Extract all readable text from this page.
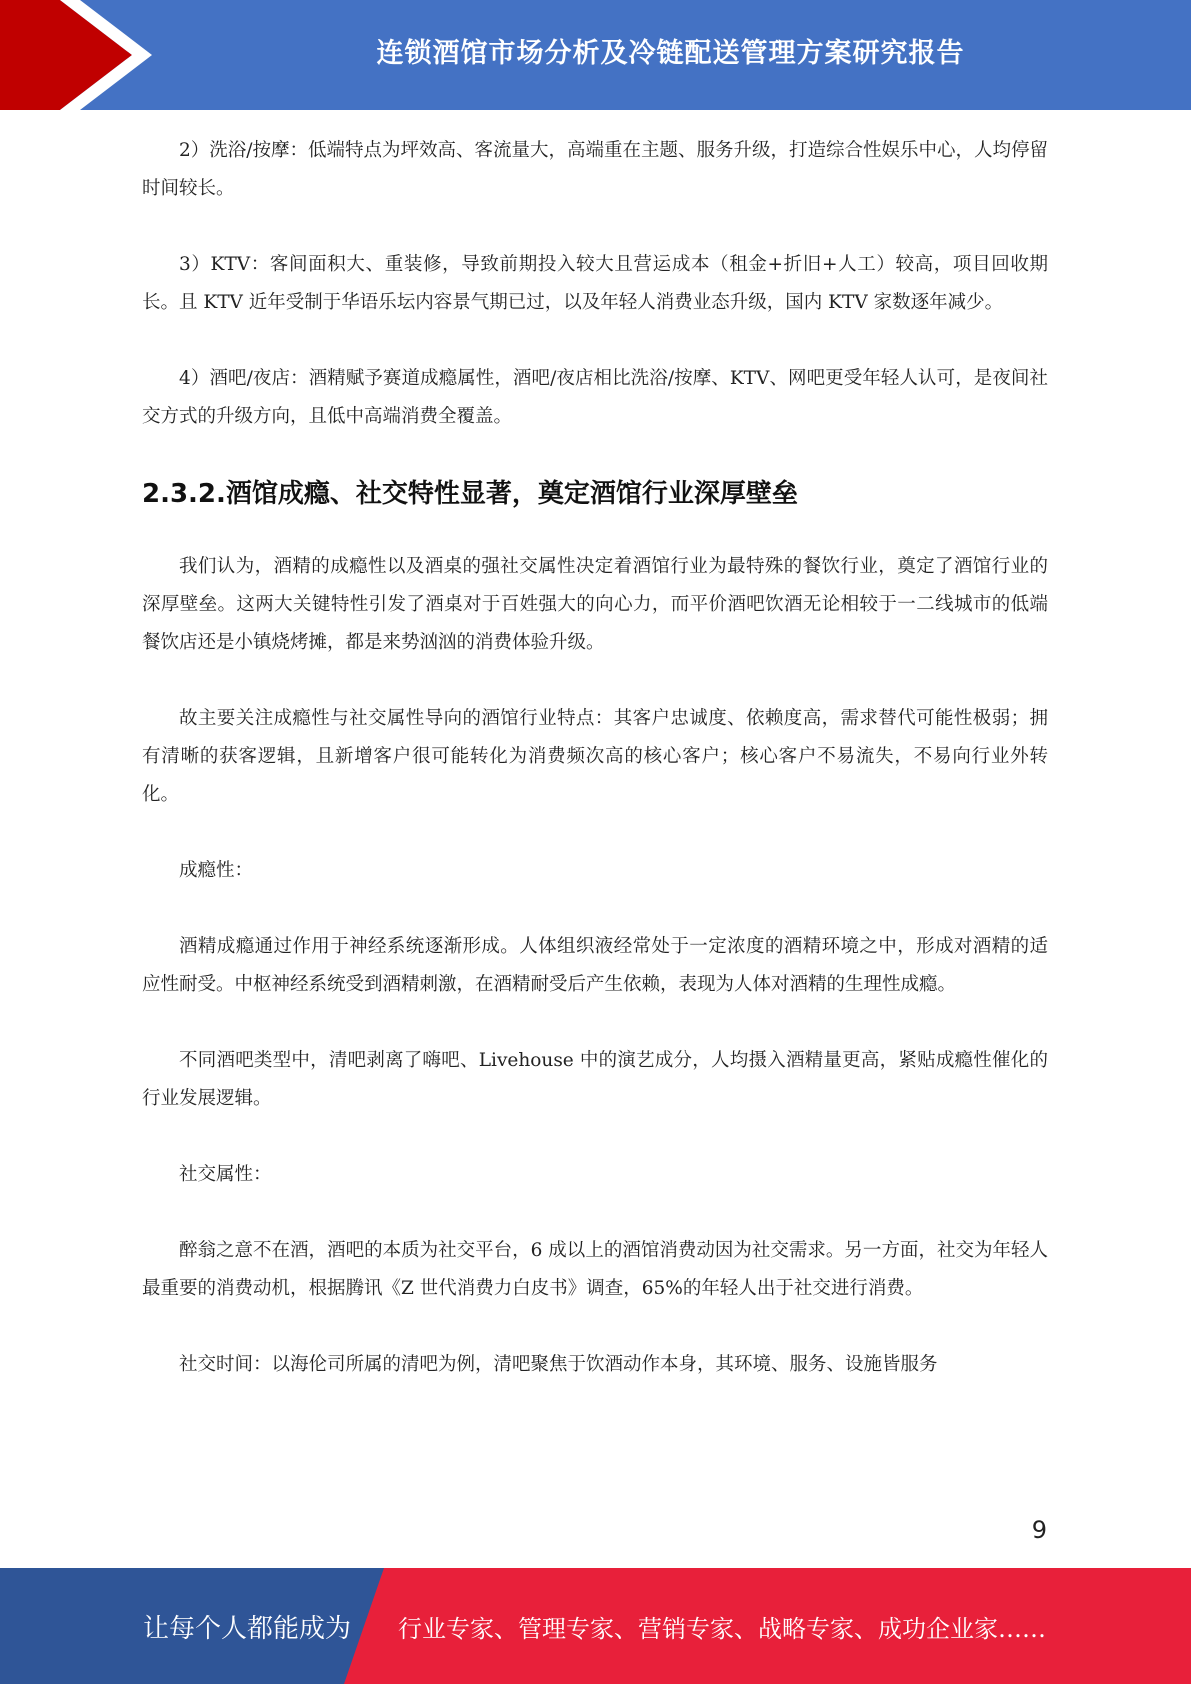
连锁酒馆市场分析及冷链配送管理方案研究报告

2）洗浴/按摩：低端特点为坪效高、客流量大，高端重在主题、服务升级，打造综合性娱乐中心，人均停留时间较长。

3）KTV：客间面积大、重装修，导致前期投入较大且营运成本（租金+折旧+人工）较高，项目回收期长。且 KTV 近年受制于华语乐坛内容景气期已过，以及年轻人消费业态升级，国内 KTV 家数逐年减少。

4）酒吧/夜店：酒精赋予赛道成瘾属性，酒吧/夜店相比洗浴/按摩、KTV、网吧更受年轻人认可，是夜间社交方式的升级方向，且低中高端消费全覆盖。

2.3.2.酒馆成瘾、社交特性显著，奠定酒馆行业深厚壁垒

我们认为，酒精的成瘾性以及酒桌的强社交属性决定着酒馆行业为最特殊的餐饮行业，奠定了酒馆行业的深厚壁垒。这两大关键特性引发了酒桌对于百姓强大的向心力，而平价酒吧饮酒无论相较于一二线城市的低端餐饮店还是小镇烧烤摊，都是来势汹汹的消费体验升级。

故主要关注成瘾性与社交属性导向的酒馆行业特点：其客户忠诚度、依赖度高，需求替代可能性极弱；拥有清晰的获客逻辑，且新增客户很可能转化为消费频次高的核心客户；核心客户不易流失，不易向行业外转化。

成瘾性：

酒精成瘾通过作用于神经系统逐渐形成。人体组织液经常处于一定浓度的酒精环境之中，形成对酒精的适应性耐受。中枢神经系统受到酒精刺激，在酒精耐受后产生依赖，表现为人体对酒精的生理性成瘾。

不同酒吧类型中，清吧剥离了嗨吧、Livehouse 中的演艺成分，人均摄入酒精量更高，紧贴成瘾性催化的行业发展逻辑。

社交属性：

醉翁之意不在酒，酒吧的本质为社交平台，6 成以上的酒馆消费动因为社交需求。另一方面，社交为年轻人最重要的消费动机，根据腾讯《Z 世代消费力白皮书》调查，65%的年轻人出于社交进行消费。

社交时间：以海伦司所属的清吧为例，清吧聚焦于饮酒动作本身，其环境、服务、设施皆服务

9
让每个人都能成为 行业专家、管理专家、营销专家、战略专家、成功企业家……
